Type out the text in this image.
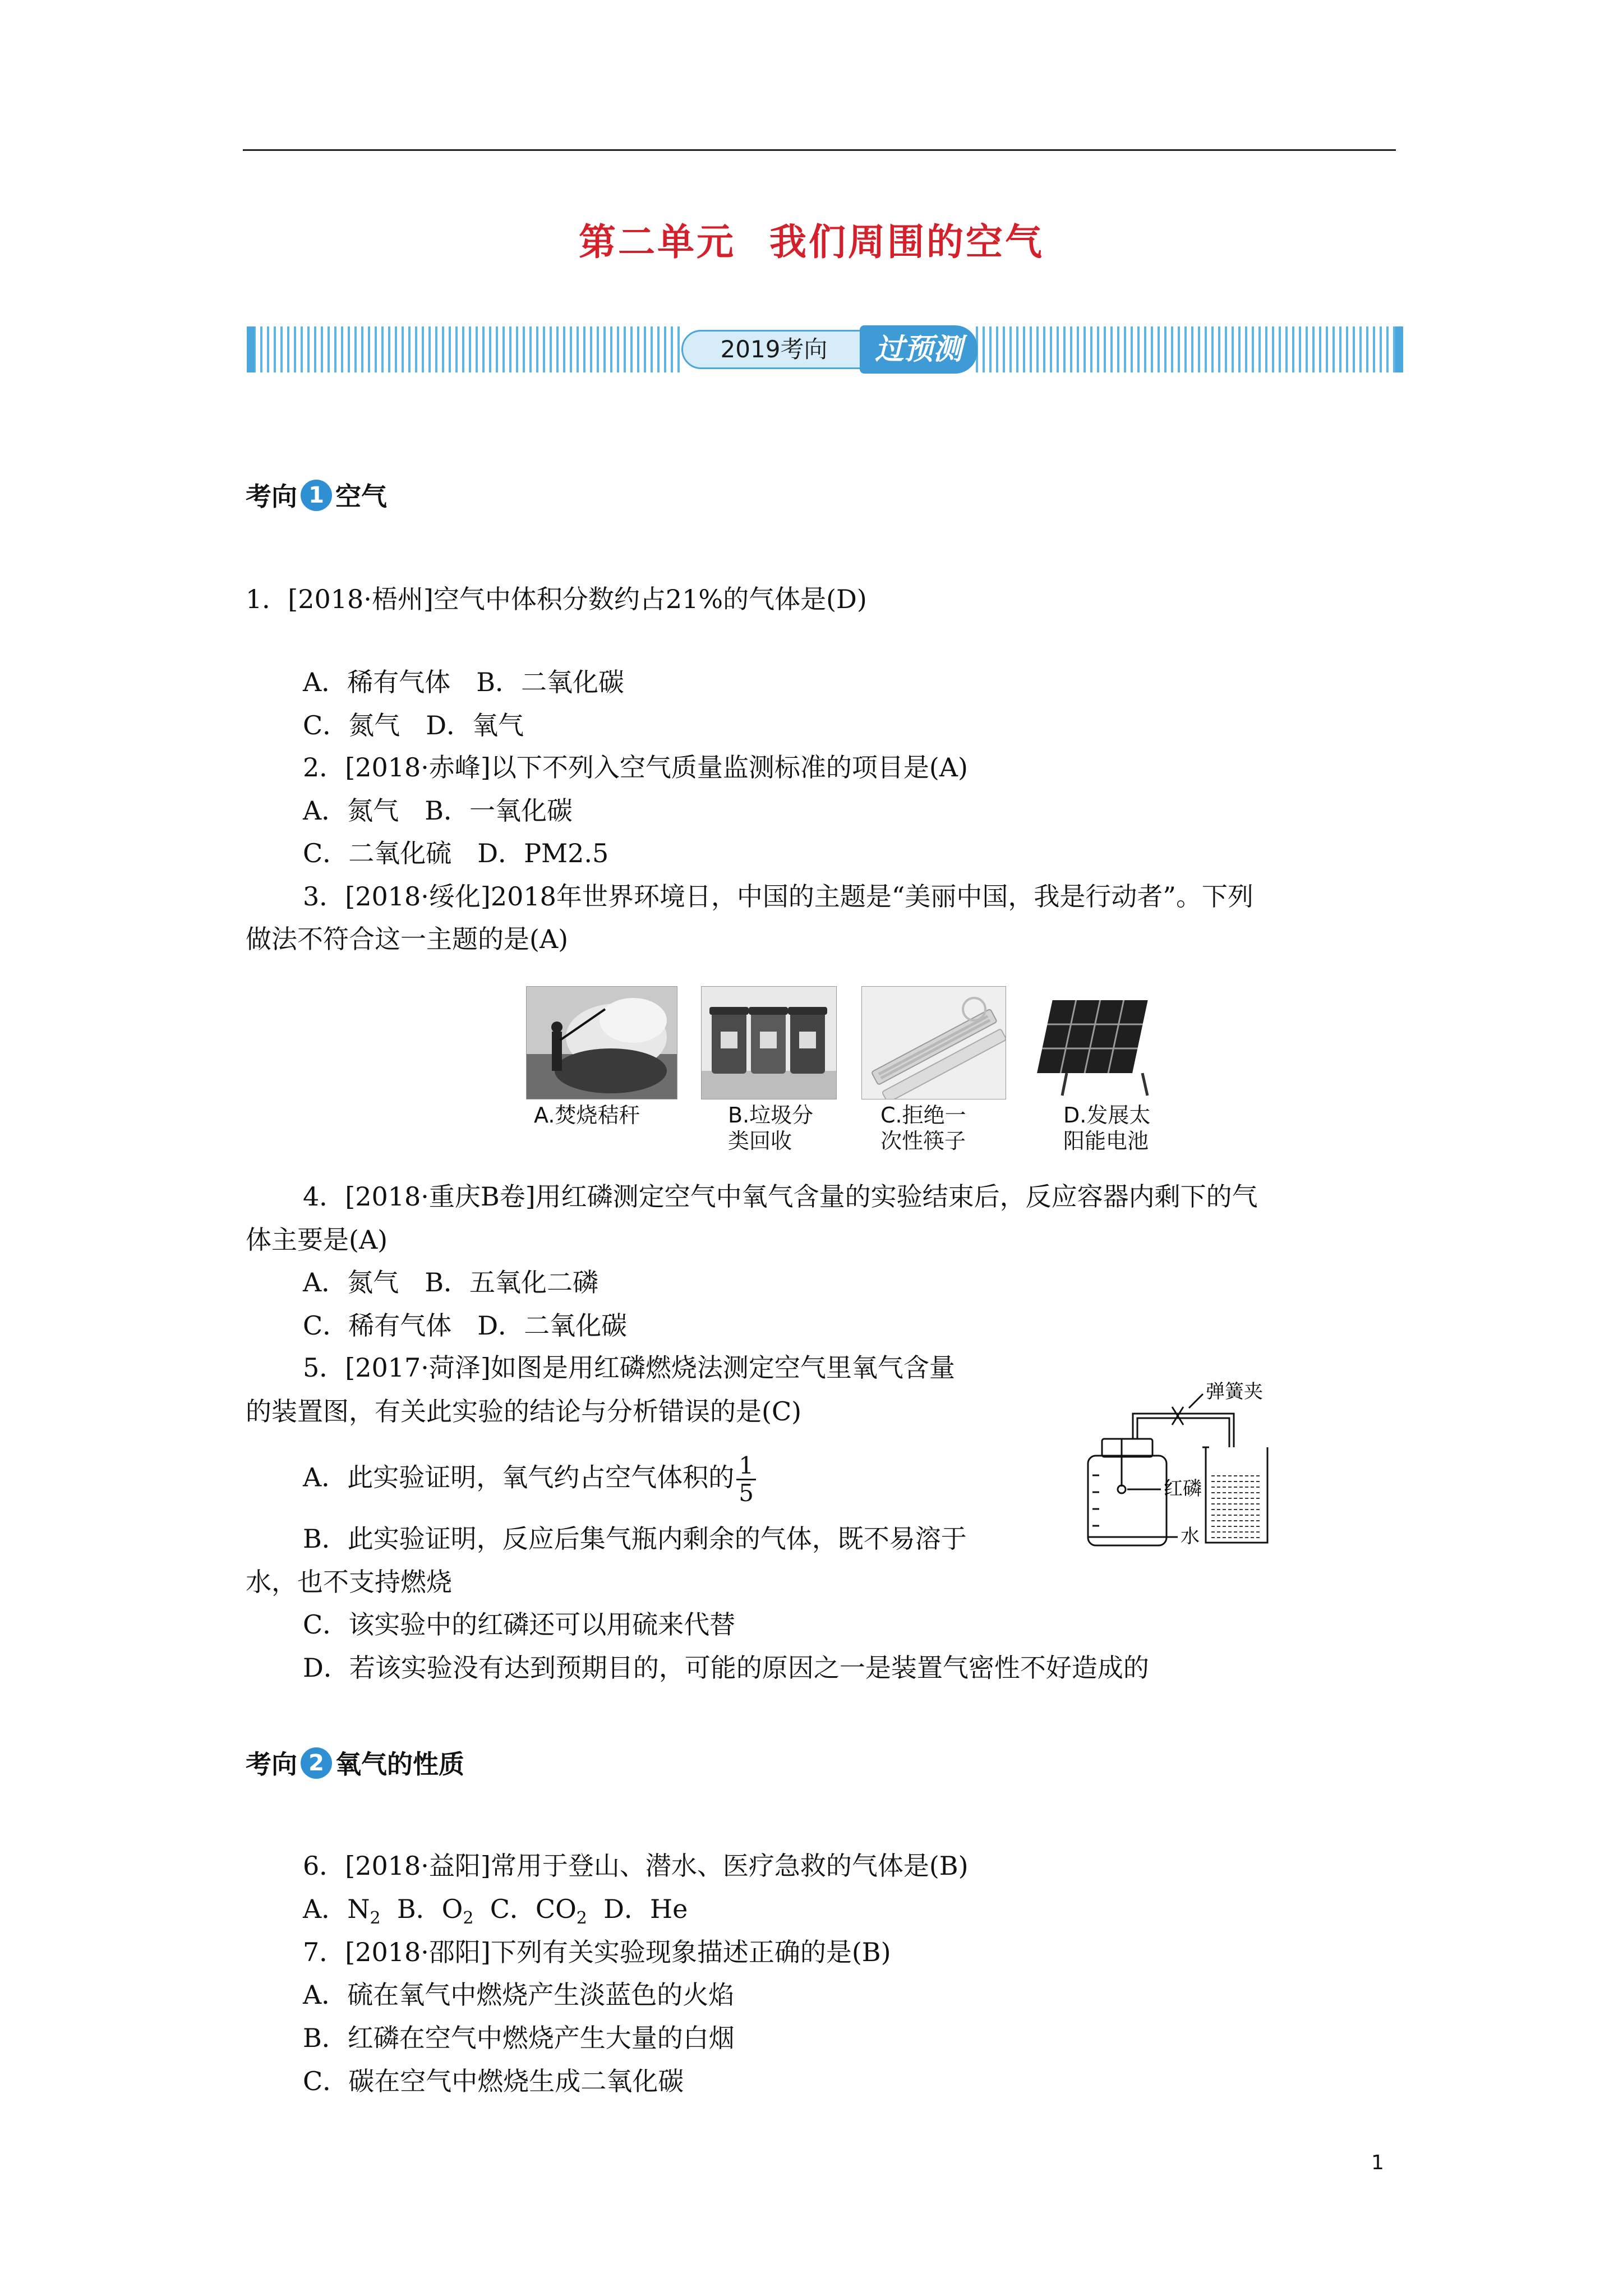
第二单元 我们周围的空气
2019考向	过预测
考向 1 空气
1．[2018·梧州]空气中体积分数约占21%的气体是(D)
A．稀有气体　B．二氧化碳
C．氮气　D．氧气
2．[2018·赤峰]以下不列入空气质量监测标准的项目是(A)
A．氮气　B．一氧化碳
C．二氧化硫　D．PM2.5
3．[2018·绥化]2018年世界环境日，中国的主题是“美丽中国，我是行动者”。下列
做法不符合这一主题的是(A)
A.焚烧秸秆	B.垃圾分
类回收
C.拒绝一
次性筷子
D.发展太
阳能电池
4．[2018·重庆B卷]用红磷测定空气中氧气含量的实验结束后，反应容器内剩下的气
体主要是(A)
A．氮气　B．五氧化二磷
C．稀有气体　D．二氧化碳
5．[2017·菏泽]如图是用红磷燃烧法测定空气里氧气含量
的装置图，有关此实验的结论与分析错误的是(C)
A．此实验证明，氧气约占空气体积的 $\frac{1}{5}$
B．此实验证明，反应后集气瓶内剩余的气体，既不易溶于
水，也不支持燃烧
C．该实验中的红磷还可以用硫来代替
D．若该实验没有达到预期目的，可能的原因之一是装置气密性不好造成的
弹簧夹
红磷
水
考向 2 氧气的性质
6．[2018·益阳]常用于登山、潜水、医疗急救的气体是(B)
A．$N_2$ B．$O_2$ C．$CO_2$ D．He
7．[2018·邵阳]下列有关实验现象描述正确的是(B)
A．硫在氧气中燃烧产生淡蓝色的火焰
B．红磷在空气中燃烧产生大量的白烟
C．碳在空气中燃烧生成二氧化碳
1
